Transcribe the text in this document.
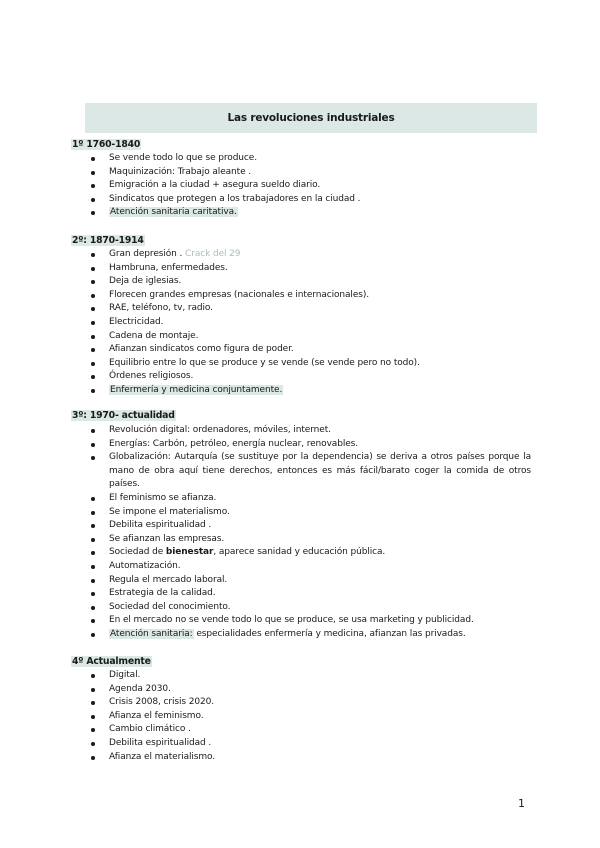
Las revoluciones industriales
1º 1760-1840
Se vende todo lo que se produce.
Maquinización: Trabajo aleante .
Emigración a la ciudad + asegura sueldo diario.
Sindicatos que protegen a los trabajadores en la ciudad .
Atención sanitaria caritativa.
2º: 1870-1914
Gran depresión . Crack del 29
Hambruna, enfermedades.
Deja de iglesias.
Florecen grandes empresas (nacionales e internacionales).
RAE, teléfono, tv, radio.
Electricidad.
Cadena de montaje.
Afianzan sindicatos como figura de poder.
Equilibrio entre lo que se produce y se vende (se vende pero no todo).
Órdenes religiosos.
Enfermería y medicina conjuntamente.
3º: 1970- actualidad
Revolución digital: ordenadores, móviles, internet.
Energías: Carbón, petróleo, energía nuclear, renovables.
Globalización: Autarquía (se sustituye por la dependencia) se deriva a otros países porque la mano de obra aquí tiene derechos, entonces es más fácil/barato coger la comida de otros países.
El feminismo se afianza.
Se impone el materialismo.
Debilita espiritualidad .
Se afianzan las empresas.
Sociedad de bienestar, aparece sanidad y educación pública.
Automatización.
Regula el mercado laboral.
Estrategia de la calidad.
Sociedad del conocimiento.
En el mercado no se vende todo lo que se produce, se usa marketing y publicidad.
Atención sanitaria: especialidades enfermería y medicina, afianzan las privadas.
4º Actualmente
Digital.
Agenda 2030.
Crisis 2008, crisis 2020.
Afianza el feminismo.
Cambio climático .
Debilita espiritualidad .
Afianza el materialismo.
1
